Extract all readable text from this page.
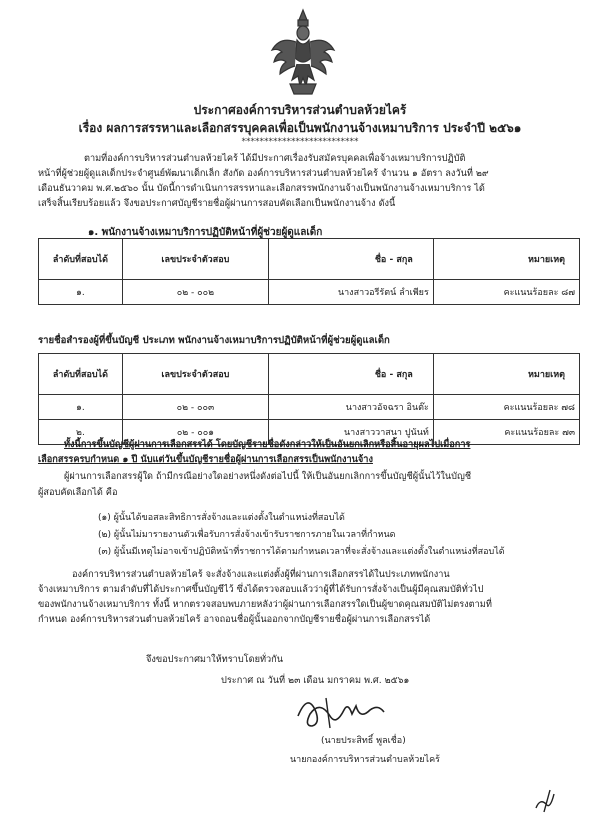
ประกาศองค์การบริหารส่วนตำบลห้วยไคร้
เรื่อง ผลการสรรหาและเลือกสรรบุคคลเพื่อเป็นพนักงานจ้างเหมาบริการ ประจำปี ๒๕๖๑
**************************
ตามที่องค์การบริหารส่วนตำบลห้วยไคร้ ได้มีประกาศเรื่องรับสมัครบุคคลเพื่อจ้างเหมาบริการปฏิบัติ
หน้าที่ผู้ช่วยผู้ดูแลเด็กประจำศูนย์พัฒนาเด็กเล็ก สังกัด องค์การบริหารส่วนตำบลห้วยไคร้ จำนวน ๑ อัตรา ลงวันที่ ๒๙
เดือนธันวาคม พ.ศ.๒๕๖๐ นั้น บัดนี้การดำเนินการสรรหาและเลือกสรรพนักงานจ้างเป็นพนักงานจ้างเหมาบริการ ได้
เสร็จสิ้นเรียบร้อยแล้ว จึงขอประกาศบัญชีรายชื่อผู้ผ่านการสอบคัดเลือกเป็นพนักงานจ้าง ดังนี้
๑. พนักงานจ้างเหมาบริการปฏิบัติหน้าที่ผู้ช่วยผู้ดูแลเด็ก
ลำดับที่สอบได้	เลขประจำตัวสอบ	ชื่อ - สกุล	หมายเหตุ
๑.	๐๒ - ๐๐๒	นางสาวอรีรัตน์ ลำเพียร	คะแนนร้อยละ ๘๗
รายชื่อสำรองผู้ที่ขึ้นบัญชี ประเภท พนักงานจ้างเหมาบริการปฏิบัติหน้าที่ผู้ช่วยผู้ดูแลเด็ก
ลำดับที่สอบได้	เลขประจำตัวสอบ	ชื่อ - สกุล	หมายเหตุ
๑.	๐๒ - ๐๐๓	นางสาวอัจฉรา อินต๊ะ	คะแนนร้อยละ ๗๘
๒.	๐๒ - ๐๐๑	นางสาววาสนา ปูนันท์	คะแนนร้อยละ ๗๓
ทั้งนี้การขึ้นบัญชีผู้ผ่านการเลือกสรรได้ โดยบัญชีรายชื่อดังกล่าวให้เป็นอันยกเลิกหรือสิ้นอายุผลไปเมื่อการ
เลือกสรรครบกำหนด ๑ ปี นับแต่วันขึ้นบัญชีรายชื่อผู้ผ่านการเลือกสรรเป็นพนักงานจ้าง
ผู้ผ่านการเลือกสรรผู้ใด ถ้ามีกรณีอย่างใดอย่างหนึ่งดังต่อไปนี้ ให้เป็นอันยกเลิกการขึ้นบัญชีผู้นั้นไว้ในบัญชี
ผู้สอบคัดเลือกได้ คือ
(๑) ผู้นั้นได้ขอสละสิทธิการสั่งจ้างและแต่งตั้งในตำแหน่งที่สอบได้
(๒) ผู้นั้นไม่มารายงานตัวเพื่อรับการสั่งจ้างเข้ารับราชการภายในเวลาที่กำหนด
(๓) ผู้นั้นมีเหตุไม่อาจเข้าปฏิบัติหน้าที่ราชการได้ตามกำหนดเวลาที่จะสั่งจ้างและแต่งตั้งในตำแหน่งที่สอบได้
องค์การบริหารส่วนตำบลห้วยไคร้ จะสั่งจ้างและแต่งตั้งผู้ที่ผ่านการเลือกสรรได้ในประเภทพนักงาน
จ้างเหมาบริการ ตามลำดับที่ได้ประกาศขึ้นบัญชีไว้ ซึ่งได้ตรวจสอบแล้วว่าผู้ที่ได้รับการสั่งจ้างเป็นผู้มีคุณสมบัติทั่วไป
ของพนักงานจ้างเหมาบริการ ทั้งนี้ หากตรวจสอบพบภายหลังว่าผู้ผ่านการเลือกสรรใดเป็นผู้ขาดคุณสมบัติไม่ตรงตามที่
กำหนด องค์การบริหารส่วนตำบลห้วยไคร้ อาจถอนชื่อผู้นั้นออกจากบัญชีรายชื่อผู้ผ่านการเลือกสรรได้
จึงขอประกาศมาให้ทราบโดยทั่วกัน
ประกาศ ณ วันที่ ๒๓ เดือน มกราคม พ.ศ. ๒๕๖๑
(นายประสิทธิ์ พูลเชื่อ)
นายกองค์การบริหารส่วนตำบลห้วยไคร้
